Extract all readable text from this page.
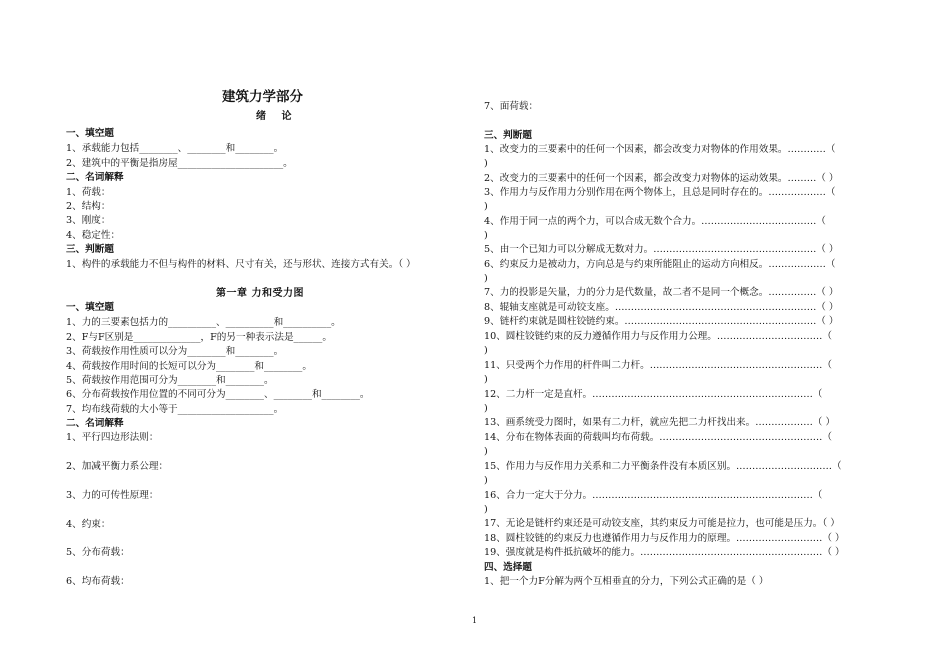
建筑力学部分
绪 论
一、填空题
1、承载能力包括________、________和________。
2、建筑中的平衡是指房屋______________________。
二、名词解释
1、荷载：
2、结构：
3、刚度：
4、稳定性：
三、判断题
1、构件的承载能力不但与构件的材料、尺寸有关，还与形状、连接方式有关。（ ）
第一章 力和受力图
一、填空题
1、力的三要素包括力的__________、__________和__________。
2、F与F区别是______________，F的另一种表示法是______。
3、荷载按作用性质可以分为________和________。
4、荷载按作用时间的长短可以分为________和________。
5、荷载按作用范围可分为________和________。
6、分布荷载按作用位置的不同可分为________、________和________。
7、均布线荷载的大小等于____________________。
二、名词解释
1、平行四边形法则：
2、加减平衡力系公理：
3、力的可传性原理：
4、约束：
5、分布荷载：
6、均布荷载：
7、面荷载：
三、判断题
1、改变力的三要素中的任何一个因素，都会改变力对物体的作用效果。…………（
)
2、改变力的三要素中的任何一个因素，都会改变力对物体的运动效果。………（ ）
3、作用力与反作用力分别作用在两个物体上，且总是同时存在的。………………（
)
4、作用于同一点的两个力，可以合成无数个合力。………………………………（
)
5、由一个已知力可以分解成无数对力。……………………………………………（ ）
6、约束反力是被动力，方向总是与约束所能阻止的运动方向相反。………………（
)
7、力的投影是矢量，力的分力是代数量，故二者不是同一个概念。……………（ ）
8、辊轴支座就是可动铰支座。………………………………………………………（ ）
9、链杆约束就是圆柱铰链约束。……………………………………………………（ ）
10、圆柱铰链约束的反力遵循作用力与反作用力公理。……………………………（
)
11、只受两个力作用的杆件叫二力杆。………………………………………………（
)
12、二力杆一定是直杆。……………………………………………………………（
)
13、画系统受力图时，如果有二力杆，就应先把二力杆找出来。………………（ ）
14、分布在物体表面的荷载叫均布荷载。……………………………………………（
)
15、作用力与反作用力关系和二力平衡条件没有本质区别。…………………………（
)
16、合力一定大于分力。……………………………………………………………（
)
17、无论是链杆约束还是可动铰支座，其约束反力可能是拉力，也可能是压力。（ ）
18、圆柱铰链的约束反力也遵循作用力与反作用力的原理。………………………（ ）
19、强度就是构件抵抗破坏的能力。…………………………………………………（ ）
四、选择题
1、把一个力F分解为两个互相垂直的分力，下列公式正确的是（ ）
1
